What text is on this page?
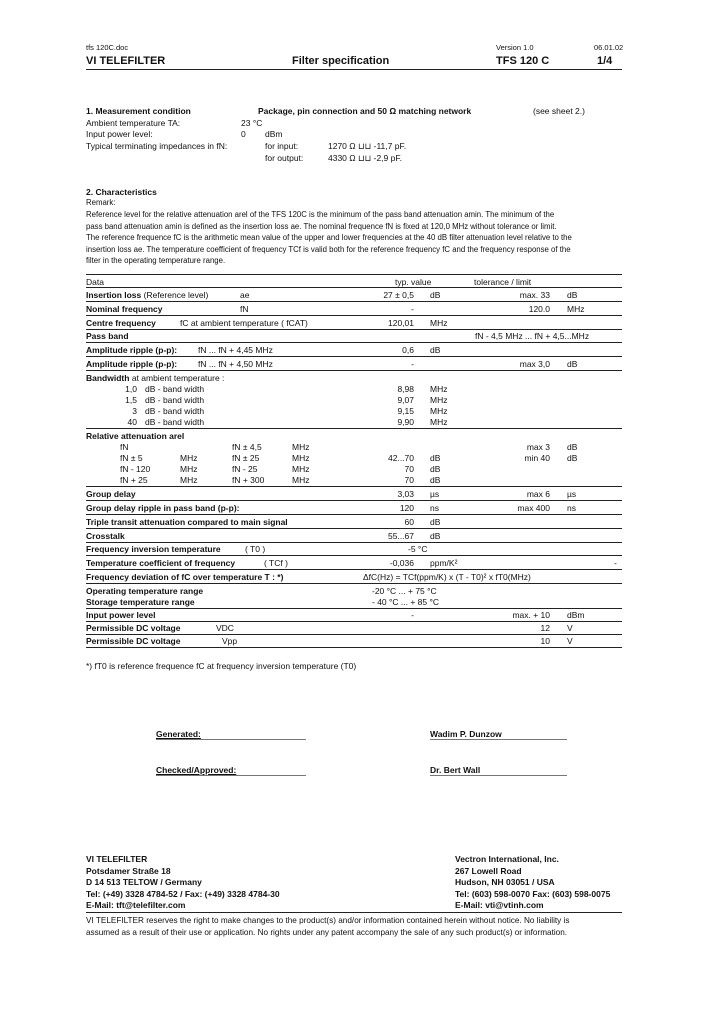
tfs 120C.doc	Version 1.0	06.01.02
VI TELEFILTER	Filter specification	TFS 120 C	1/4
1. Measurement condition	Package, pin connection and 50 Ω matching network	(see sheet 2.)
Ambient temperature TA:	23 °C
Input power level:	0 dBm
Typical terminating impedances in fN:	for input:	1270 Ω ⊔⊔ -11,7 pF.
for output:	4330 Ω ⊔⊔ -2,9 pF.
2. Characteristics
Remark:
Reference level for the relative attenuation arel of the TFS 120C is the minimum of the pass band attenuation amin. The minimum of the
pass band attenuation amin is defined as the insertion loss ae. The nominal frequence fN is fixed at 120,0 MHz without tolerance or limit.
The reference frequence fC is the arithmetic mean value of the upper and lower frequencies at the 40 dB filter attenuation level relative to the
insertion loss ae. The temperature coefficient of frequency TCf is valid both for the reference frequency fC and the frequency response of the
filter in the operating temperature range.
Data	typ. value	tolerance / limit
Insertion loss (Reference level)	ae	27 ± 0,5 dB	max. 33 dB
Nominal frequency	fN	-	120.0 MHz
Centre frequency	fC at ambient temperature ( fCAT)	120,01 MHz
Pass band	fN - 4,5 MHz ... fN + 4,5...MHz
Amplitude ripple (p-p): fN ... fN + 4,45 MHz	0,6 dB
Amplitude ripple (p-p): fN ... fN + 4,50 MHz	-	max 3,0 dB
Bandwidth at ambient temperature :
1,0 dB - band width	8,98 MHz
1,5 dB - band width	9,07 MHz
3 dB - band width	9,15 MHz
40 dB - band width	9,90 MHz
Relative attenuation arel
fN	fN ± 4,5	MHz	max 3 dB
fN ± 5	MHz	fN ± 25	MHz	42...70 dB	min 40 dB
fN - 120	MHz	fN - 25	MHz	70 dB
fN + 25	MHz	fN + 300	MHz	70 dB
Group delay	3,03 µs	max 6 µs
Group delay ripple in pass band (p-p):	120 ns	max 400 ns
Triple transit attenuation compared to main signal	60 dB
Crosstalk	55...67 dB
Frequency inversion temperature	( T0 )	-5 °C
Temperature coefficient of frequency	( TCf )	-0,036 ppm/K²	-
Frequency deviation of fC over temperature T : *)	ΔfC(Hz) = TCf(ppm/K) x (T - T0)² x fT0(MHz)
Operating temperature range	-20 °C ... + 75 °C
Storage temperature range	- 40 °C ... + 85 °C
Input power level	-	max. + 10 dBm
Permissible DC voltage	VDC	12 V
Permissible DC voltage	Vpp	10 V
*) fT0 is reference frequence fC at frequency inversion temperature (T0)
Generated:	Wadim P. Dunzow
Checked/Approved:	Dr. Bert Wall
VI TELEFILTER
Potsdamer Straße 18
D 14 513 TELTOW / Germany
Tel: (+49) 3328 4784-52 / Fax: (+49) 3328 4784-30
E-Mail: tft@telefilter.com
Vectron International, Inc.
267 Lowell Road
Hudson, NH 03051 / USA
Tel: (603) 598-0070 Fax: (603) 598-0075
E-Mail: vti@vtinh.com
VI TELEFILTER reserves the right to make changes to the product(s) and/or information contained herein without notice. No liability is
assumed as a result of their use or application. No rights under any patent accompany the sale of any such product(s) or information.
